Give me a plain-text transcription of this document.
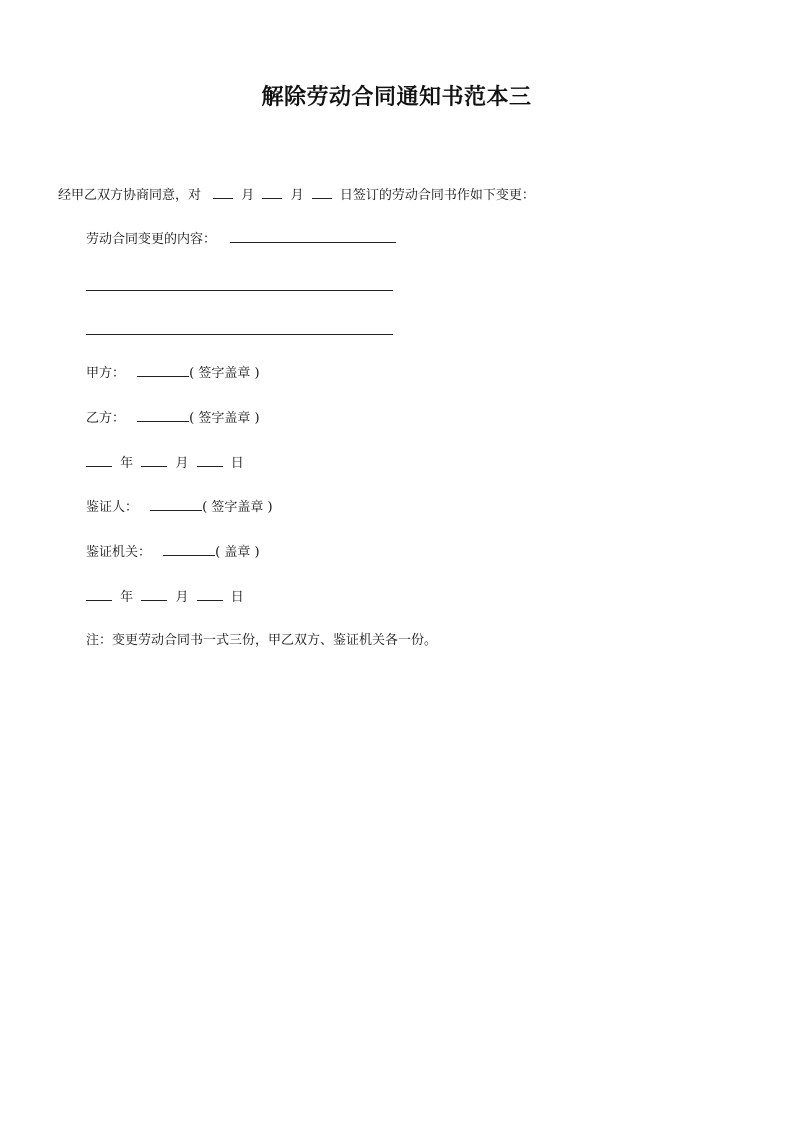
解除劳动合同通知书范本三
经甲乙双方协商同意，对	月	月	日签订的劳动合同书作如下变更：
劳动合同变更的内容：
甲方：	( 签字盖章 )
乙方：	( 签字盖章 )
年	月	日
鉴证人：	( 签字盖章 )
鉴证机关：	( 盖章 )
年	月	日
注：变更劳动合同书一式三份，甲乙双方、鉴证机关各一份。
